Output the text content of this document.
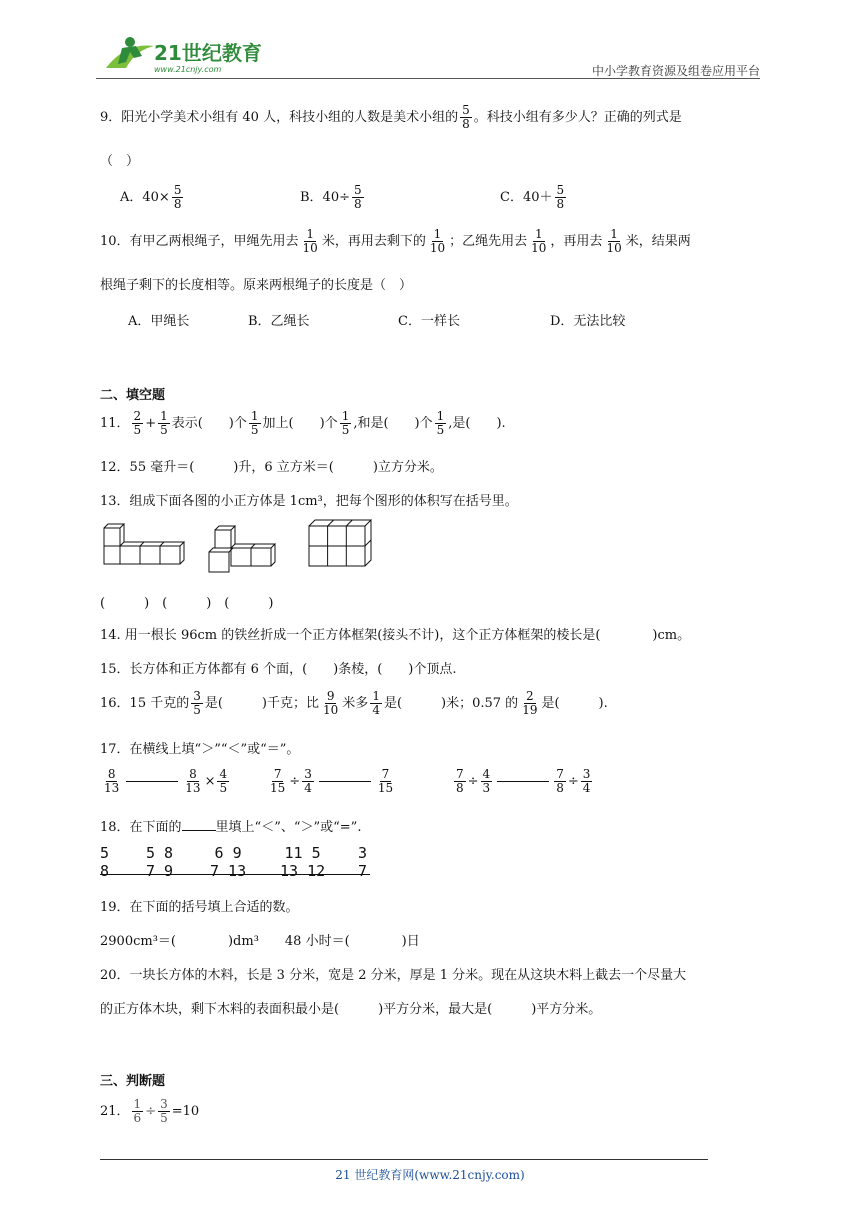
21世纪教育
www.21cnjy.com	中小学教育资源及组卷应用平台
9．阳光小学美术小组有 40 人，科技小组的人数是美术小组的 $\frac{5}{8}$ 。科技小组有多少人？正确的列式是
（　）
A．$40\times \frac{5}{8}$	B．$40\div \frac{5}{8}$	C．$40+ \frac{5}{8}$
10．有甲乙两根绳子，甲绳先用去 $\frac{1}{10}$ 米，再用去剩下的 $\frac{1}{10}$ ；乙绳先用去 $\frac{1}{10}$ ，再用去 $\frac{1}{10}$ 米，结果两
根绳子剩下的长度相等。原来两根绳子的长度是（　）
A．甲绳长	B．乙绳长	C．一样长	D．无法比较
二、填空题
11． $\frac{2}{5} + \frac{1}{5}$ 表示(　　)个 $\frac{1}{5}$ 加上(　　)个 $\frac{1}{5}$ ,和是(　　)个 $\frac{1}{5}$ ,是(　　).
12．55 毫升＝(　　　)升，6 立方米＝(　　　)立方分米。
13．组成下面各图的小正方体是 1cm³，把每个图形的体积写在括号里。
(　　　)　(　　　)　(　　　)
14. 用一根长 96cm 的铁丝折成一个正方体框架(接头不计)，这个正方体框架的棱长是(　　　　)cm。
15．长方体和正方体都有 6 个面，(　　)条棱，(　　)个顶点.
16．15 千克的 $\frac{3}{5}$ 是(　　　)千克；比 $\frac{9}{10}$ 米多 $\frac{1}{4}$ 是(　　　)米；0.57 的 $\frac{2}{19}$ 是(　　　).
17．在横线上填“＞”“＜”或“＝”。
$\frac{8}{13}$	$\frac{8}{13} \times \frac{4}{5}$	$\frac{7}{15} \div \frac{3}{4}$	$\frac{7}{15}$	$\frac{7}{8} \div \frac{4}{3}$	$\frac{7}{8} \div \frac{3}{4}$
18．在下面的	里填上“＜”、“＞”或“=”.
5
8
5 8
7 9
6 9
7 13
11 5
13 12
3
7
19．在下面的括号填上合适的数。
2900cm³＝(　　　　)dm³　　48 小时＝(　　　　)日
20．一块长方体的木料，长是 3 分米，宽是 2 分米，厚是 1 分米。现在从这块木料上截去一个尽量大
的正方体木块，剩下木料的表面积最小是(　　　)平方分米，最大是(　　　)平方分米。
三、判断题
21． $\frac{1}{6} \div \frac{3}{5} =10$
21 世纪教育网(www.21cnjy.com)
